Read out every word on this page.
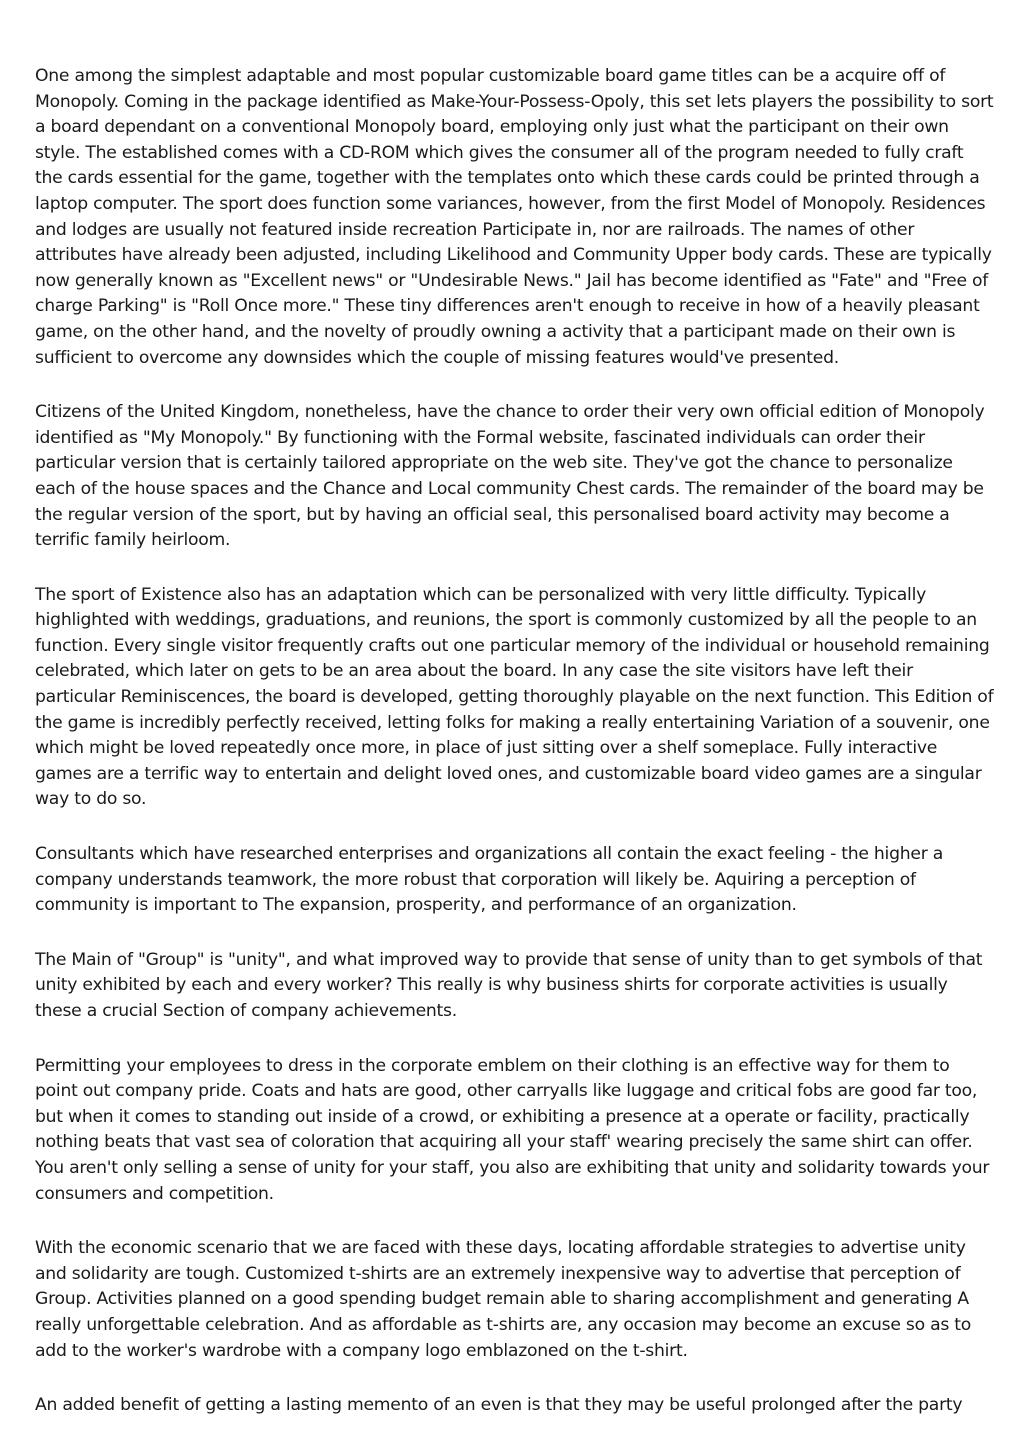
One among the simplest adaptable and most popular customizable board game titles can be a acquire off of Monopoly. Coming in the package identified as Make-Your-Possess-Opoly, this set lets players the possibility to sort a board dependant on a conventional Monopoly board, employing only just what the participant on their own style. The established comes with a CD-ROM which gives the consumer all of the program needed to fully craft the cards essential for the game, together with the templates onto which these cards could be printed through a laptop computer. The sport does function some variances, however, from the first Model of Monopoly. Residences and lodges are usually not featured inside recreation Participate in, nor are railroads. The names of other attributes have already been adjusted, including Likelihood and Community Upper body cards. These are typically now generally known as "Excellent news" or "Undesirable News." Jail has become identified as "Fate" and "Free of charge Parking" is "Roll Once more." These tiny differences aren't enough to receive in how of a heavily pleasant game, on the other hand, and the novelty of proudly owning a activity that a participant made on their own is sufficient to overcome any downsides which the couple of missing features would've presented.

Citizens of the United Kingdom, nonetheless, have the chance to order their very own official edition of Monopoly identified as "My Monopoly." By functioning with the Formal website, fascinated individuals can order their particular version that is certainly tailored appropriate on the web site. They've got the chance to personalize each of the house spaces and the Chance and Local community Chest cards. The remainder of the board may be the regular version of the sport, but by having an official seal, this personalised board activity may become a terrific family heirloom.

The sport of Existence also has an adaptation which can be personalized with very little difficulty. Typically highlighted with weddings, graduations, and reunions, the sport is commonly customized by all the people to an function. Every single visitor frequently crafts out one particular memory of the individual or household remaining celebrated, which later on gets to be an area about the board. In any case the site visitors have left their particular Reminiscences, the board is developed, getting thoroughly playable on the next function. This Edition of the game is incredibly perfectly received, letting folks for making a really entertaining Variation of a souvenir, one which might be loved repeatedly once more, in place of just sitting over a shelf someplace. Fully interactive games are a terrific way to entertain and delight loved ones, and customizable board video games are a singular way to do so.

Consultants which have researched enterprises and organizations all contain the exact feeling - the higher a company understands teamwork, the more robust that corporation will likely be. Aquiring a perception of community is important to The expansion, prosperity, and performance of an organization.

The Main of "Group" is "unity", and what improved way to provide that sense of unity than to get symbols of that unity exhibited by each and every worker? This really is why business shirts for corporate activities is usually these a crucial Section of company achievements.

Permitting your employees to dress in the corporate emblem on their clothing is an effective way for them to point out company pride. Coats and hats are good, other carryalls like luggage and critical fobs are good far too, but when it comes to standing out inside of a crowd, or exhibiting a presence at a operate or facility, practically nothing beats that vast sea of coloration that acquiring all your staff' wearing precisely the same shirt can offer. You aren't only selling a sense of unity for your staff, you also are exhibiting that unity and solidarity towards your consumers and competition.

With the economic scenario that we are faced with these days, locating affordable strategies to advertise unity and solidarity are tough. Customized t-shirts are an extremely inexpensive way to advertise that perception of Group. Activities planned on a good spending budget remain able to sharing accomplishment and generating A really unforgettable celebration. And as affordable as t-shirts are, any occasion may become an excuse so as to add to the worker's wardrobe with a company logo emblazoned on the t-shirt.

An added benefit of getting a lasting memento of an even is that they may be useful prolonged after the party
